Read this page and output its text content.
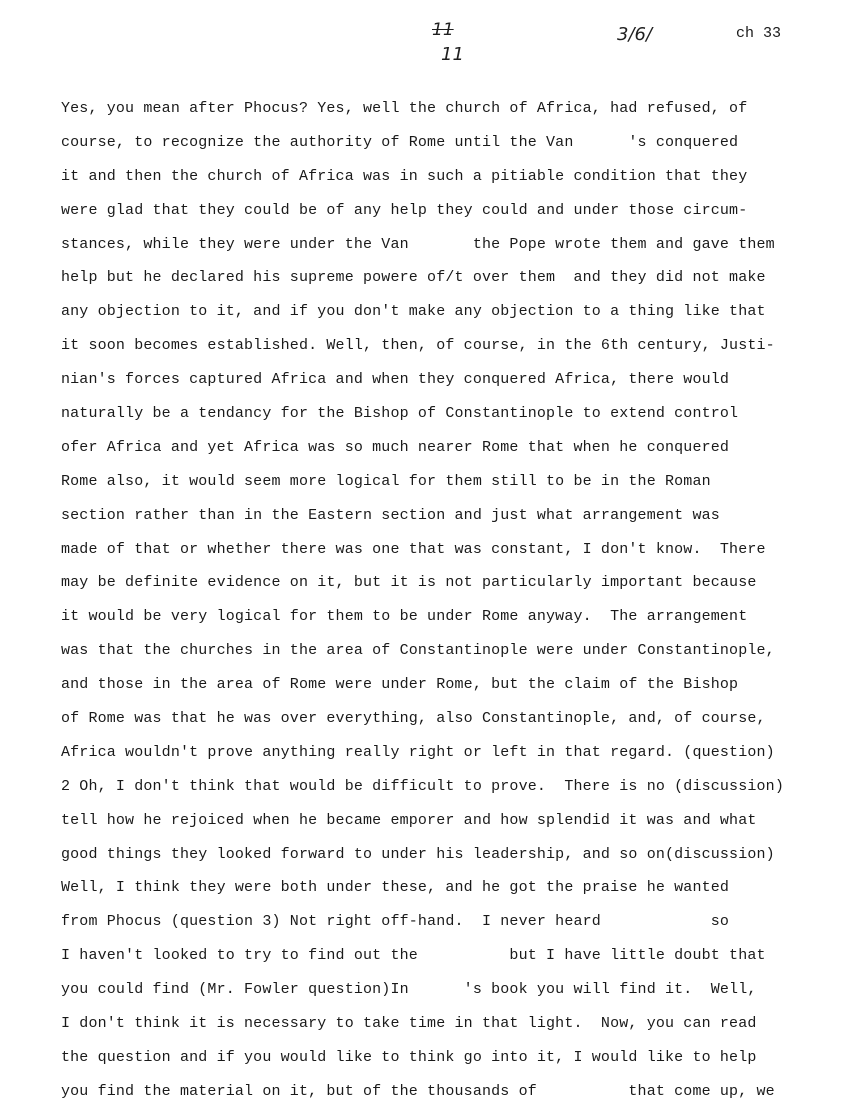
11
11
3/6/	ch 33
Yes, you mean after Phocus? Yes, well the church of Africa, had refused, of
course, to recognize the authority of Rome until the Van      's conquered
it and then the church of Africa was in such a pitiable condition that they
were glad that they could be of any help they could and under those circum-
stances, while they were under the Van       the Pope wrote them and gave them
help but he declared his supreme powere of/t over them  and they did not make
any objection to it, and if you don't make any objection to a thing like that
it soon becomes established. Well, then, of course, in the 6th century, Justi-
nian's forces captured Africa and when they conquered Africa, there would
naturally be a tendancy for the Bishop of Constantinople to extend control
ofer Africa and yet Africa was so much nearer Rome that when he conquered
Rome also, it would seem more logical for them still to be in the Roman
section rather than in the Eastern section and just what arrangement was
made of that or whether there was one that was constant, I don't know.  There
may be definite evidence on it, but it is not particularly important because
it would be very logical for them to be under Rome anyway.  The arrangement
was that the churches in the area of Constantinople were under Constantinople,
and those in the area of Rome were under Rome, but the claim of the Bishop
of Rome was that he was over everything, also Constantinople, and, of course,
Africa wouldn't prove anything really right or left in that regard. (question)
2 Oh, I don't think that would be difficult to prove.  There is no (discussion)
tell how he rejoiced when he became emporer and how splendid it was and what
good things they looked forward to under his leadership, and so on(discussion)
Well, I think they were both under these, and he got the praise he wanted
from Phocus (question 3) Not right off-hand.  I never heard            so
I haven't looked to try to find out the          but I have little doubt that
you could find (Mr. Fowler question)In      's book you will find it.  Well,
I don't think it is necessary to take time in that light.  Now, you can read
the question and if you would like to think go into it, I would like to help
you find the material on it, but of the thousands of          that come up, we
